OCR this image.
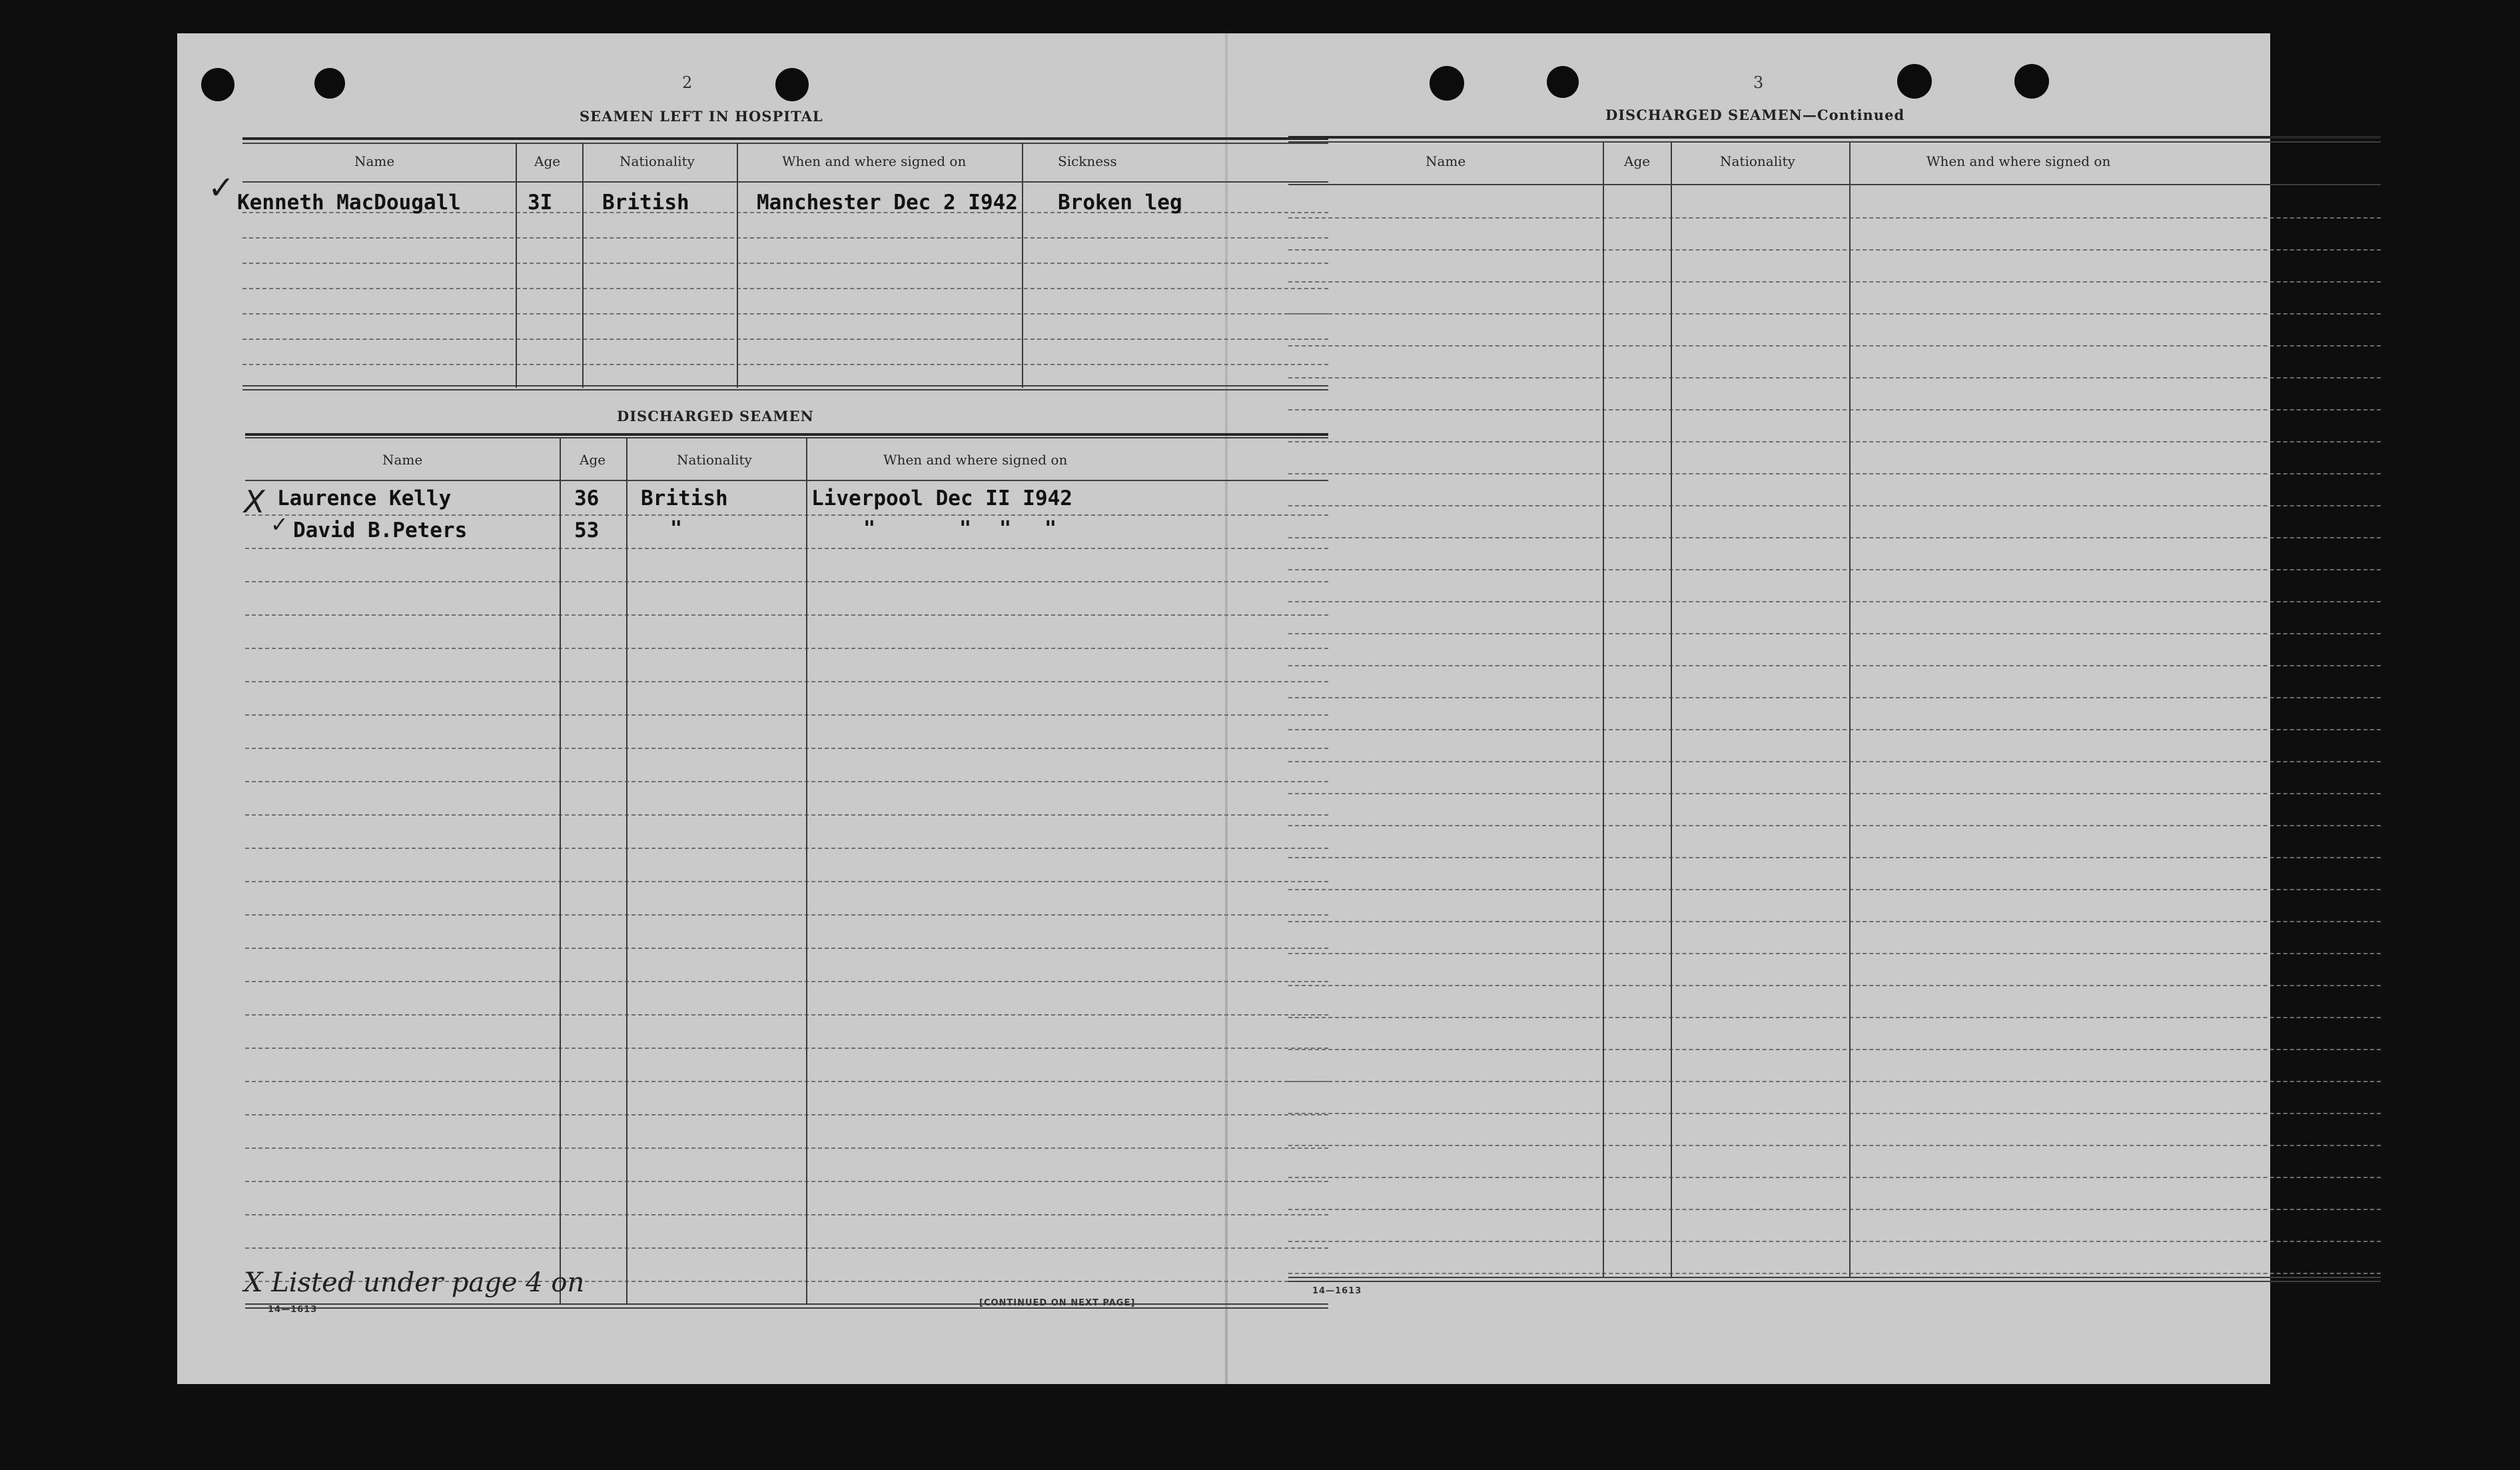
2
SEAMEN LEFT IN HOSPITAL
Name	Age	Nationality	When and where signed on	Sickness
✓ Kenneth MacDougall	3I British	Manchester Dec 2 I942 Broken leg
DISCHARGED SEAMEN
Name	Age	Nationality	When and where signed on
X Laurence Kelly	36 British	Liverpool Dec II I942
✓ David B.Peters	53	"	"	" " "
X Listed under page 4 on
14—1613
[CONTINUED ON NEXT PAGE]
3
DISCHARGED SEAMEN—Continued
Name	Age	Nationality	When and where signed on
14—1613
